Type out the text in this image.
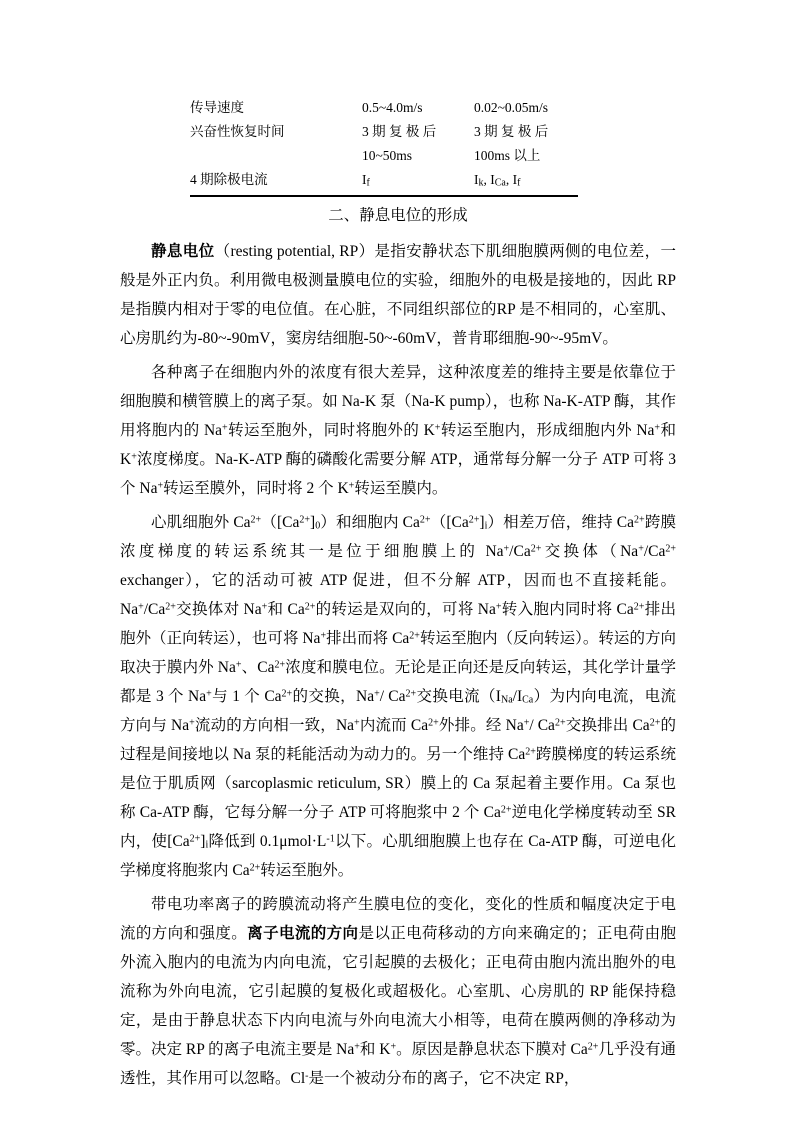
传导速度	0.5~4.0m/s	0.02~0.05m/s
兴奋性恢复时间	3 期 复 极 后	3 期 复 极 后
10~50ms	100ms 以上
4 期除极电流	$I_f$	$I_k$, $I_{Ca}$, $I_f$
二、静息电位的形成

静息电位（resting potential, RP）是指安静状态下肌细胞膜两侧的电位差，一般是外正内负。利用微电极测量膜电位的实验，细胞外的电极是接地的，因此 RP 是指膜内相对于零的电位值。在心脏，不同组织部位的RP 是不相同的，心室肌、心房肌约为-80~-90mV，窦房结细胞-50~-60mV，普肯耶细胞-90~-95mV。

各种离子在细胞内外的浓度有很大差异，这种浓度差的维持主要是依靠位于细胞膜和横管膜上的离子泵。如 Na-K 泵（Na-K pump），也称 Na-K-ATP 酶，其作用将胞内的 Na+转运至胞外，同时将胞外的 K+转运至胞内，形成细胞内外 Na+和 K+浓度梯度。Na-K-ATP 酶的磷酸化需要分解 ATP，通常每分解一分子 ATP 可将 3 个 Na+转运至膜外，同时将 2 个 K+转运至膜内。

心肌细胞外 $Ca^{2+}([Ca^{2+}]_0)$和细胞内 $Ca^{2+}([Ca^{2+}]_i)$相差万倍，维持 $Ca^{2+}$跨膜浓度梯度的转运系统其一是位于细胞膜上的 $Na^+/Ca^{2+}$交换体（$Na^+/Ca^{2+}$ exchanger），它的活动可被 ATP 促进，但不分解 ATP，因而也不直接耗能。$Na^+/Ca^{2+}$交换体对 Na+和 $Ca^{2+}$的转运是双向的，可将 Na+转入胞内同时将 $Ca^{2+}$排出胞外（正向转运），也可将 Na+排出而将 $Ca^{2+}$转运至胞内（反向转运）。转运的方向取决于膜内外 Na+、$Ca^{2+}$浓度和膜电位。无论是正向还是反向转运，其化学计量学都是 3 个 Na+与 1 个 $Ca^{2+}$的交换，Na+/ $Ca^{2+}$交换电流$(I_{Na}/I_{Ca})$为内向电流，电流方向与 Na+流动的方向相一致，Na+内流而 $Ca^{2+}$外排。经 Na+/ $Ca^{2+}$交换排出 $Ca^{2+}$的过程是间接地以 Na 泵的耗能活动为动力的。另一个维持 $Ca^{2+}$跨膜梯度的转运系统是位于肌质网（sarcoplasmic reticulum, SR）膜上的 Ca 泵起着主要作用。Ca 泵也称 Ca-ATP 酶，它每分解一分子 ATP 可将胞浆中 2 个 $Ca^{2+}$逆电化学梯度转动至 SR 内，使$[Ca^{2+}]_i$降低到 $0.1\mu mol\cdot L^{-1}$以下。心肌细胞膜上也存在 Ca-ATP 酶，可逆电化学梯度将胞浆内 $Ca^{2+}$转运至胞外。

带电功率离子的跨膜流动将产生膜电位的变化，变化的性质和幅度决定于电流的方向和强度。离子电流的方向是以正电荷移动的方向来确定的；正电荷由胞外流入胞内的电流为内向电流，它引起膜的去极化；正电荷由胞内流出胞外的电流称为外向电流，它引起膜的复极化或超极化。心室肌、心房肌的 RP 能保持稳定，是由于静息状态下内向电流与外向电流大小相等，电荷在膜两侧的净移动为零。决定 RP 的离子电流主要是 Na+和 K+。原因是静息状态下膜对 $Ca^{2+}$几乎没有通透性，其作用可以忽略。Cl-是一个被动分布的离子，它不决定 RP，
